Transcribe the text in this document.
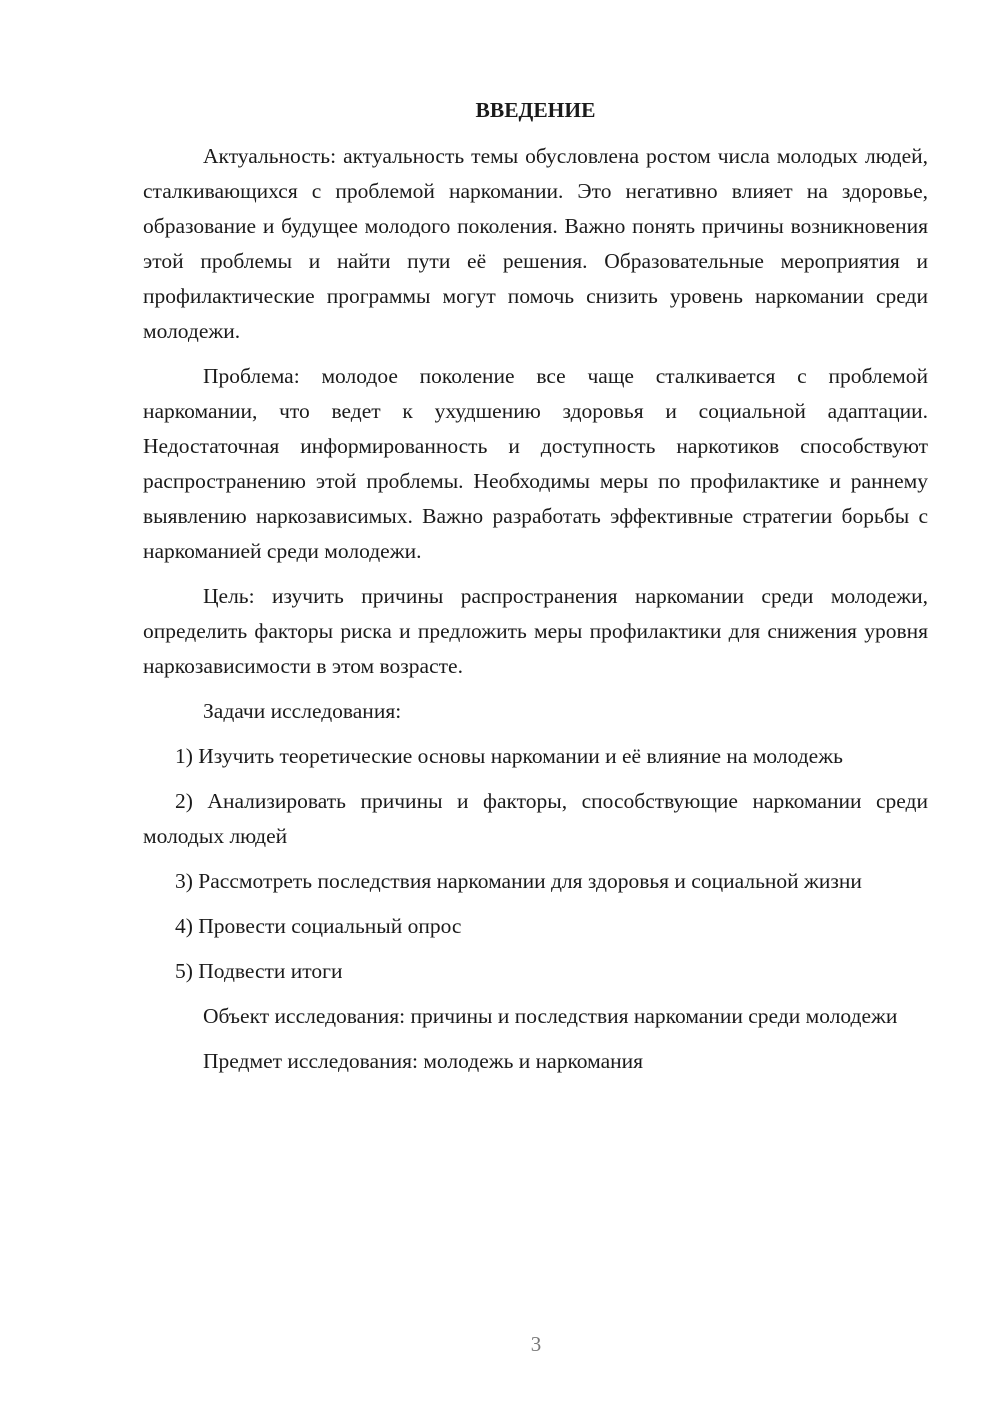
ВВЕДЕНИЕ

Актуальность: актуальность темы обусловлена ростом числа молодых людей, сталкивающихся с проблемой наркомании. Это негативно влияет на здоровье, образование и будущее молодого поколения. Важно понять причины возникновения этой проблемы и найти пути её решения. Образовательные мероприятия и профилактические программы могут помочь снизить уровень наркомании среди молодежи.

Проблема: молодое поколение все чаще сталкивается с проблемой наркомании, что ведет к ухудшению здоровья и социальной адаптации. Недостаточная информированность и доступность наркотиков способствуют распространению этой проблемы. Необходимы меры по профилактике и раннему выявлению наркозависимых. Важно разработать эффективные стратегии борьбы с наркоманией среди молодежи.

Цель: изучить причины распространения наркомании среди молодежи, определить факторы риска и предложить меры профилактики для снижения уровня наркозависимости в этом возрасте.

Задачи исследования:

1) Изучить теоретические основы наркомании и её влияние на молодежь

2) Анализировать причины и факторы, способствующие наркомании среди молодых людей

3) Рассмотреть последствия наркомании для здоровья и социальной жизни

4) Провести социальный опрос

5) Подвести итоги

Объект исследования: причины и последствия наркомании среди молодежи

Предмет исследования: молодежь и наркомания

3
